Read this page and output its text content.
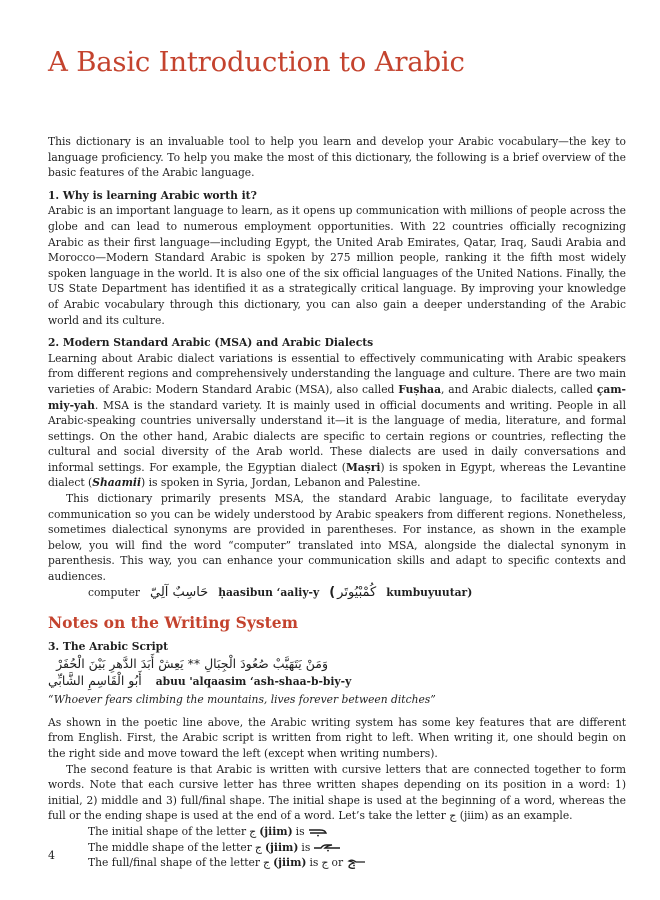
A Basic Introduction to Arabic

This dictionary is an invaluable tool to help you learn and develop your Arabic vocabulary—the key to language proficiency. To help you make the most of this dictionary, the following is a brief overview of the basic features of the Arabic language.

1. Why is learning Arabic worth it?

Arabic is an important language to learn, as it opens up communication with millions of people across the globe and can lead to numerous employment opportunities. With 22 countries officially recognizing Arabic as their first language—including Egypt, the United Arab Emirates, Qatar, Iraq, Saudi Arabia and Morocco—Modern Standard Arabic is spoken by 275 million people, ranking it the fifth most widely spoken language in the world. It is also one of the six official languages of the United Nations. Finally, the US State Department has identified it as a strategically critical language. By improving your knowledge of Arabic vocabulary through this dictionary, you can also gain a deeper understanding of the Arabic world and its culture.

2. Modern Standard Arabic (MSA) and Arabic Dialects

Learning about Arabic dialect variations is essential to effectively communicating with Arabic speakers from different regions and comprehensively understanding the language and culture. There are two main varieties of Arabic: Modern Standard Arabic (MSA), also called Fuṣhaa, and Arabic dialects, called ҫam-miy-yah. MSA is the standard variety. It is mainly used in official documents and writing. People in all Arabic-speaking countries universally understand it—it is the language of media, literature, and formal settings. On the other hand, Arabic dialects are specific to certain regions or countries, reflecting the cultural and social diversity of the Arab world. These dialects are used in daily conversations and informal settings. For example, the Egyptian dialect (Maṣri) is spoken in Egypt, whereas the Levantine dialect (Shaamii) is spoken in Syria, Jordan, Lebanon and Palestine.

This dictionary primarily presents MSA, the standard Arabic language, to facilitate everyday communication so you can be widely understood by Arabic speakers from different regions. Nonetheless, sometimes dialectical synonyms are provided in parentheses. For instance, as shown in the example below, you will find the word “computer” translated into MSA, alongside the dialectal synonym in parenthesis. This way, you can enhance your communication skills and adapt to specific contexts and audiences.

computer حَاسِبٌ آلِيّ ḥaasibun ‘aaliy-y ( كُمْبْيُوتَر kumbuyuutar)
Notes on the Writing System
3. The Arabic Script
وَمَنْ يَتَهَيَّبْ صُعُودَ الْجِبَالِ ** يَعِشْ أَبَدَ الدَّهرِ بَيْنَ الْحُفَرْ
أَبُو الْقَاسِمِ الشَّابِّي abuu 'alqaasim ‘ash-shaa-b-biy-y

“Whoever fears climbing the mountains, lives forever between ditches”

As shown in the poetic line above, the Arabic writing system has some key features that are different from English. First, the Arabic script is written from right to left. When writing it, one should begin on the right side and move toward the left (except when writing numbers).

The second feature is that Arabic is written with cursive letters that are connected together to form words. Note that each cursive letter has three written shapes depending on its position in a word: 1) initial, 2) middle and 3) full/final shape. The initial shape is used at the beginning of a word, whereas the full or the ending shape is used at the end of a word. Let’s take the letter ج (jiim) as an example.

The initial shape of the letter ج (jiim) is
The middle shape of the letter ج (jiim) is
The full/final shape of the letter ج (jiim) is ج or
4
